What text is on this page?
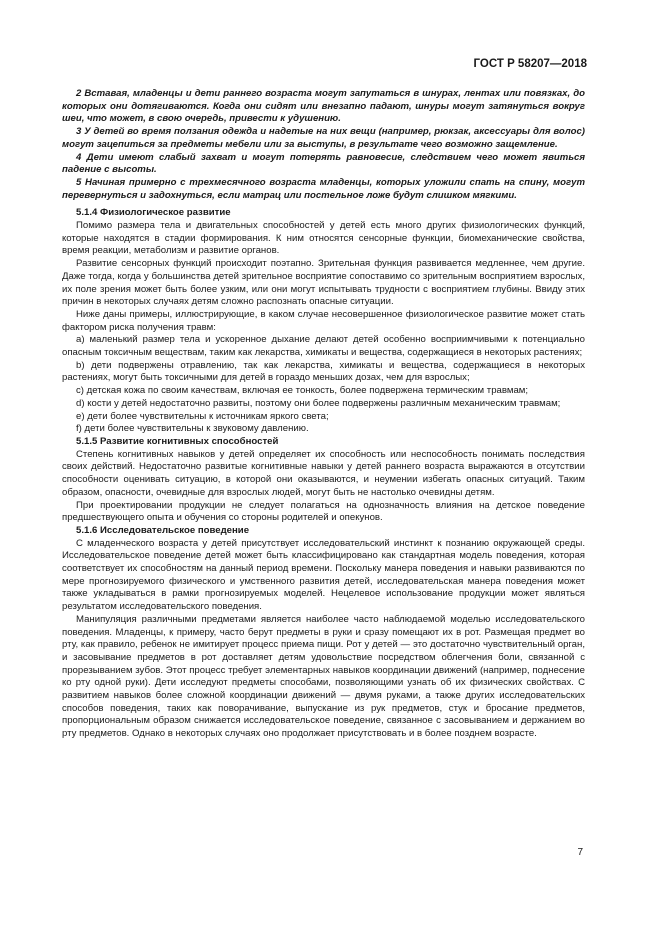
ГОСТ Р 58207—2018

2 Вставая, младенцы и дети раннего возраста могут запутаться в шнурах, лентах или повязках, до которых они дотягиваются. Когда они сидят или внезапно падают, шнуры могут затянуться вокруг шеи, что может, в свою очередь, привести к удушению.

3 У детей во время ползания одежда и надетые на них вещи (например, рюкзак, аксессуары для волос) могут зацепиться за предметы мебели или за выступы, в результате чего возможно защемление.

4 Дети имеют слабый захват и могут потерять равновесие, следствием чего может явиться падение с высоты.

5 Начиная примерно с трехмесячного возраста младенцы, которых уложили спать на спину, могут перевернуться и задохнуться, если матрац или постельное ложе будут слишком мягкими.

5.1.4 Физиологическое развитие

Помимо размера тела и двигательных способностей у детей есть много других физиологических функций, которые находятся в стадии формирования. К ним относятся сенсорные функции, биомеханические свойства, время реакции, метаболизм и развитие органов.

Развитие сенсорных функций происходит поэтапно. Зрительная функция развивается медленнее, чем другие. Даже тогда, когда у большинства детей зрительное восприятие сопоставимо со зрительным восприятием взрослых, их поле зрения может быть более узким, или они могут испытывать трудности с восприятием глубины. Ввиду этих причин в некоторых случаях детям сложно распознать опасные ситуации.

Ниже даны примеры, иллюстрирующие, в каком случае несовершенное физиологическое развитие может стать фактором риска получения травм:

a) маленький размер тела и ускоренное дыхание делают детей особенно восприимчивыми к потенциально опасным токсичным веществам, таким как лекарства, химикаты и вещества, содержащиеся в некоторых растениях;

b) дети подвержены отравлению, так как лекарства, химикаты и вещества, содержащиеся в некоторых растениях, могут быть токсичными для детей в гораздо меньших дозах, чем для взрослых;

c) детская кожа по своим качествам, включая ее тонкость, более подвержена термическим травмам;

d) кости у детей недостаточно развиты, поэтому они более подвержены различным механическим травмам;

e) дети более чувствительны к источникам яркого света;

f) дети более чувствительны к звуковому давлению.

5.1.5 Развитие когнитивных способностей

Степень когнитивных навыков у детей определяет их способность или неспособность понимать последствия своих действий. Недостаточно развитые когнитивные навыки у детей раннего возраста выражаются в отсутствии способности оценивать ситуацию, в которой они оказываются, и неумении избегать опасных ситуаций. Таким образом, опасности, очевидные для взрослых людей, могут быть не настолько очевидны детям.

При проектировании продукции не следует полагаться на однозначность влияния на детское поведение предшествующего опыта и обучения со стороны родителей и опекунов.

5.1.6 Исследовательское поведение

С младенческого возраста у детей присутствует исследовательский инстинкт к познанию окружающей среды. Исследовательское поведение детей может быть классифицировано как стандартная модель поведения, которая соответствует их способностям на данный период времени. Поскольку манера поведения и навыки развиваются по мере прогнозируемого физического и умственного развития детей, исследовательская манера поведения может также укладываться в рамки прогнозируемых моделей. Нецелевое использование продукции может являться результатом исследовательского поведения.

Манипуляция различными предметами является наиболее часто наблюдаемой моделью исследовательского поведения. Младенцы, к примеру, часто берут предметы в руки и сразу помещают их в рот. Размещая предмет во рту, как правило, ребенок не имитирует процесс приема пищи. Рот у детей — это достаточно чувствительный орган, и засовывание предметов в рот доставляет детям удовольствие посредством облегчения боли, связанной с прорезыванием зубов. Этот процесс требует элементарных навыков координации движений (например, поднесение ко рту одной руки). Дети исследуют предметы способами, позволяющими узнать об их физических свойствах. С развитием навыков более сложной координации движений — двумя руками, а также других исследовательских способов поведения, таких как поворачивание, выпускание из рук предметов, стук и бросание предметов, пропорциональным образом снижается исследовательское поведение, связанное с засовыванием и держанием во рту предметов. Однако в некоторых случаях оно продолжает присутствовать и в более позднем возрасте.

7
